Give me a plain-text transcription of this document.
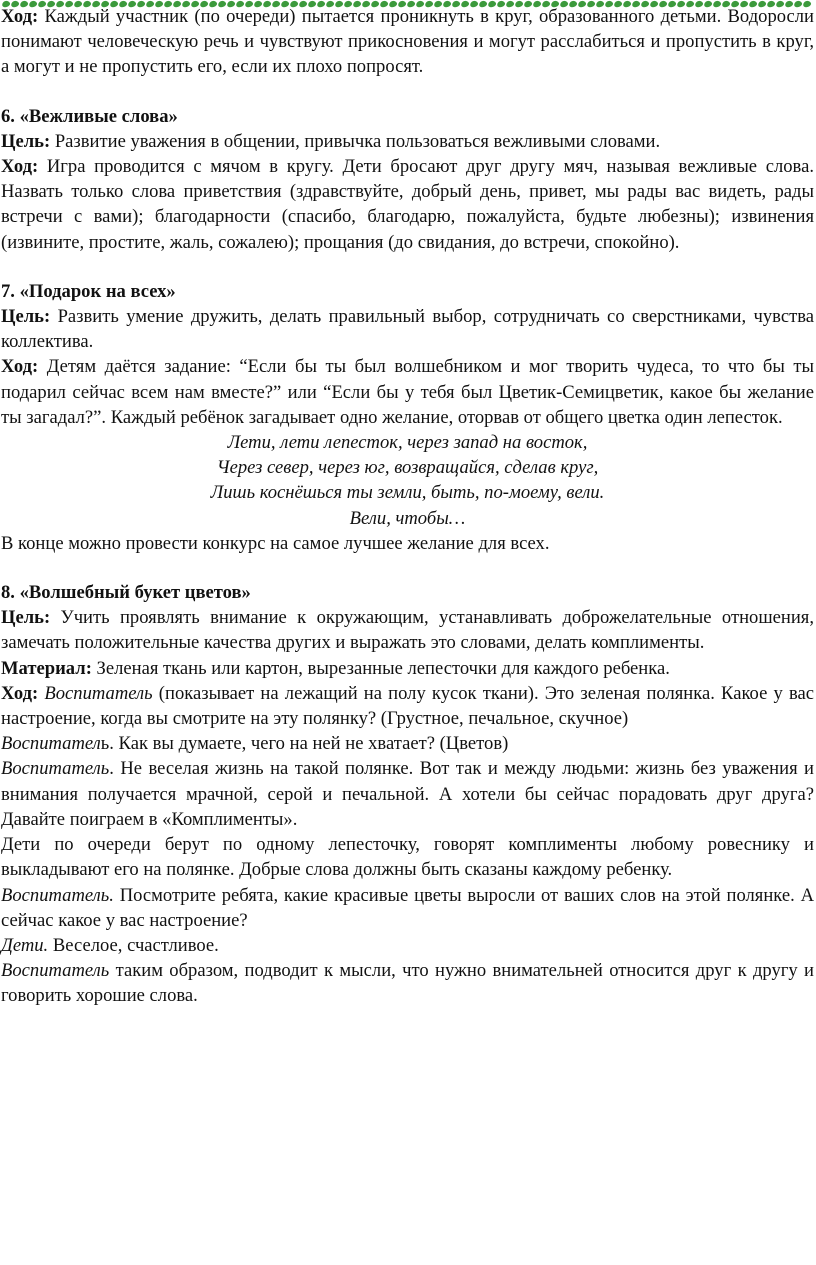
Ход: Каждый участник (по очереди) пытается проникнуть в круг, образованного детьми. Водоросли понимают человеческую речь и чувствуют прикосновения и могут расслабиться и пропустить в круг, а могут и не пропустить его, если их плохо попросят.

6. «Вежливые слова»

Цель: Развитие уважения в общении, привычка пользоваться вежливыми словами.

Ход: Игра проводится с мячом в кругу. Дети бросают друг другу мяч, называя вежливые слова. Назвать только слова приветствия (здравствуйте, добрый день, привет, мы рады вас видеть, рады встречи с вами); благодарности (спасибо, благодарю, пожалуйста, будьте любезны); извинения (извините, простите, жаль, сожалею); прощания (до свидания, до встречи, спокойно).

7. «Подарок на всех»

Цель: Развить умение дружить, делать правильный выбор, сотрудничать со сверстниками, чувства коллектива.

Ход: Детям даётся задание: “Если бы ты был волшебником и мог творить чудеса, то что бы ты подарил сейчас всем нам вместе?” или “Если бы у тебя был Цветик-Семицветик, какое бы желание ты загадал?”. Каждый ребёнок загадывает одно желание, оторвав от общего цветка один лепесток.

Лети, лети лепесток, через запад на восток,

Через север, через юг, возвращайся, сделав круг,

Лишь коснёшься ты земли, быть, по-моему, вели.

Вели, чтобы…

В конце можно провести конкурс на самое лучшее желание для всех.

8. «Волшебный букет цветов»

Цель: Учить проявлять внимание к окружающим, устанавливать доброжелательные отношения, замечать положительные качества других и выражать это словами, делать комплименты.

Материал: Зеленая ткань или картон, вырезанные лепесточки для каждого ребенка.

Ход: Воспитатель (показывает на лежащий на полу кусок ткани). Это зеленая полянка. Какое у вас настроение, когда вы смотрите на эту полянку? (Грустное, печальное, скучное)

Воспитатель. Как вы думаете, чего на ней не хватает? (Цветов)

Воспитатель. Не веселая жизнь на такой полянке. Вот так и между людьми: жизнь без уважения и внимания получается мрачной, серой и печальной. А хотели бы сейчас порадовать друг друга? Давайте поиграем в «Комплименты».

Дети по очереди берут по одному лепесточку, говорят комплименты любому ровеснику и выкладывают его на полянке. Добрые слова должны быть сказаны каждому ребенку.

Воспитатель. Посмотрите ребята, какие красивые цветы выросли от ваших слов на этой полянке. А сейчас какое у вас настроение?

Дети. Веселое, счастливое.

Воспитатель таким образом, подводит к мысли, что нужно внимательней относится друг к другу и говорить хорошие слова.
